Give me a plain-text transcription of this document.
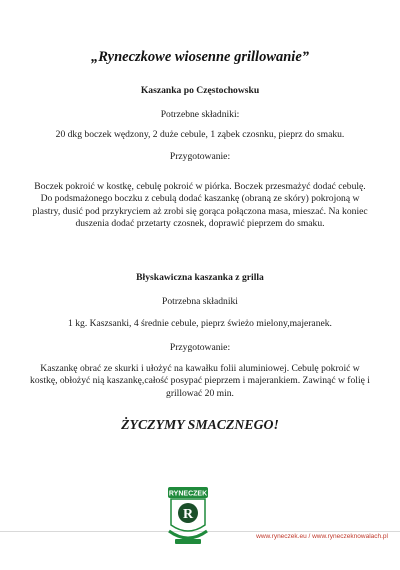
„Ryneczkowe wiosenne grillowanie”
Kaszanka po Częstochowsku
Potrzebne składniki:
20 dkg boczek wędzony, 2 duże cebule, 1 ząbek czosnku, pieprz do smaku.
Przygotowanie:
Boczek pokroić w kostkę, cebulę pokroić w piórka. Boczek przesmażyć dodać cebulę. Do podsmażonego boczku z cebulą dodać kaszankę (obraną ze skóry) pokrojoną w plastry, dusić pod przykryciem aż zrobi się gorąca połączona masa, mieszać. Na koniec duszenia dodać przetarty czosnek, doprawić pieprzem do smaku.
Błyskawiczna kaszanka z grilla
Potrzebna składniki
1 kg. Kaszsanki, 4 średnie cebule, pieprz świeżo mielony,majeranek.
Przygotowanie:
Kaszankę obrać ze skurki i ułożyć na kawałku folii aluminiowej. Cebulę pokroić w kostkę, obłożyć nią kaszankę,całość posypać pieprzem i majerankiem. Zawinąć w folię i grillować 20 min.
ŻYCZYMY SMACZNEGO!
RYNECZEK
R
www.ryneczek.eu / www.ryneczeknowalach.pl
